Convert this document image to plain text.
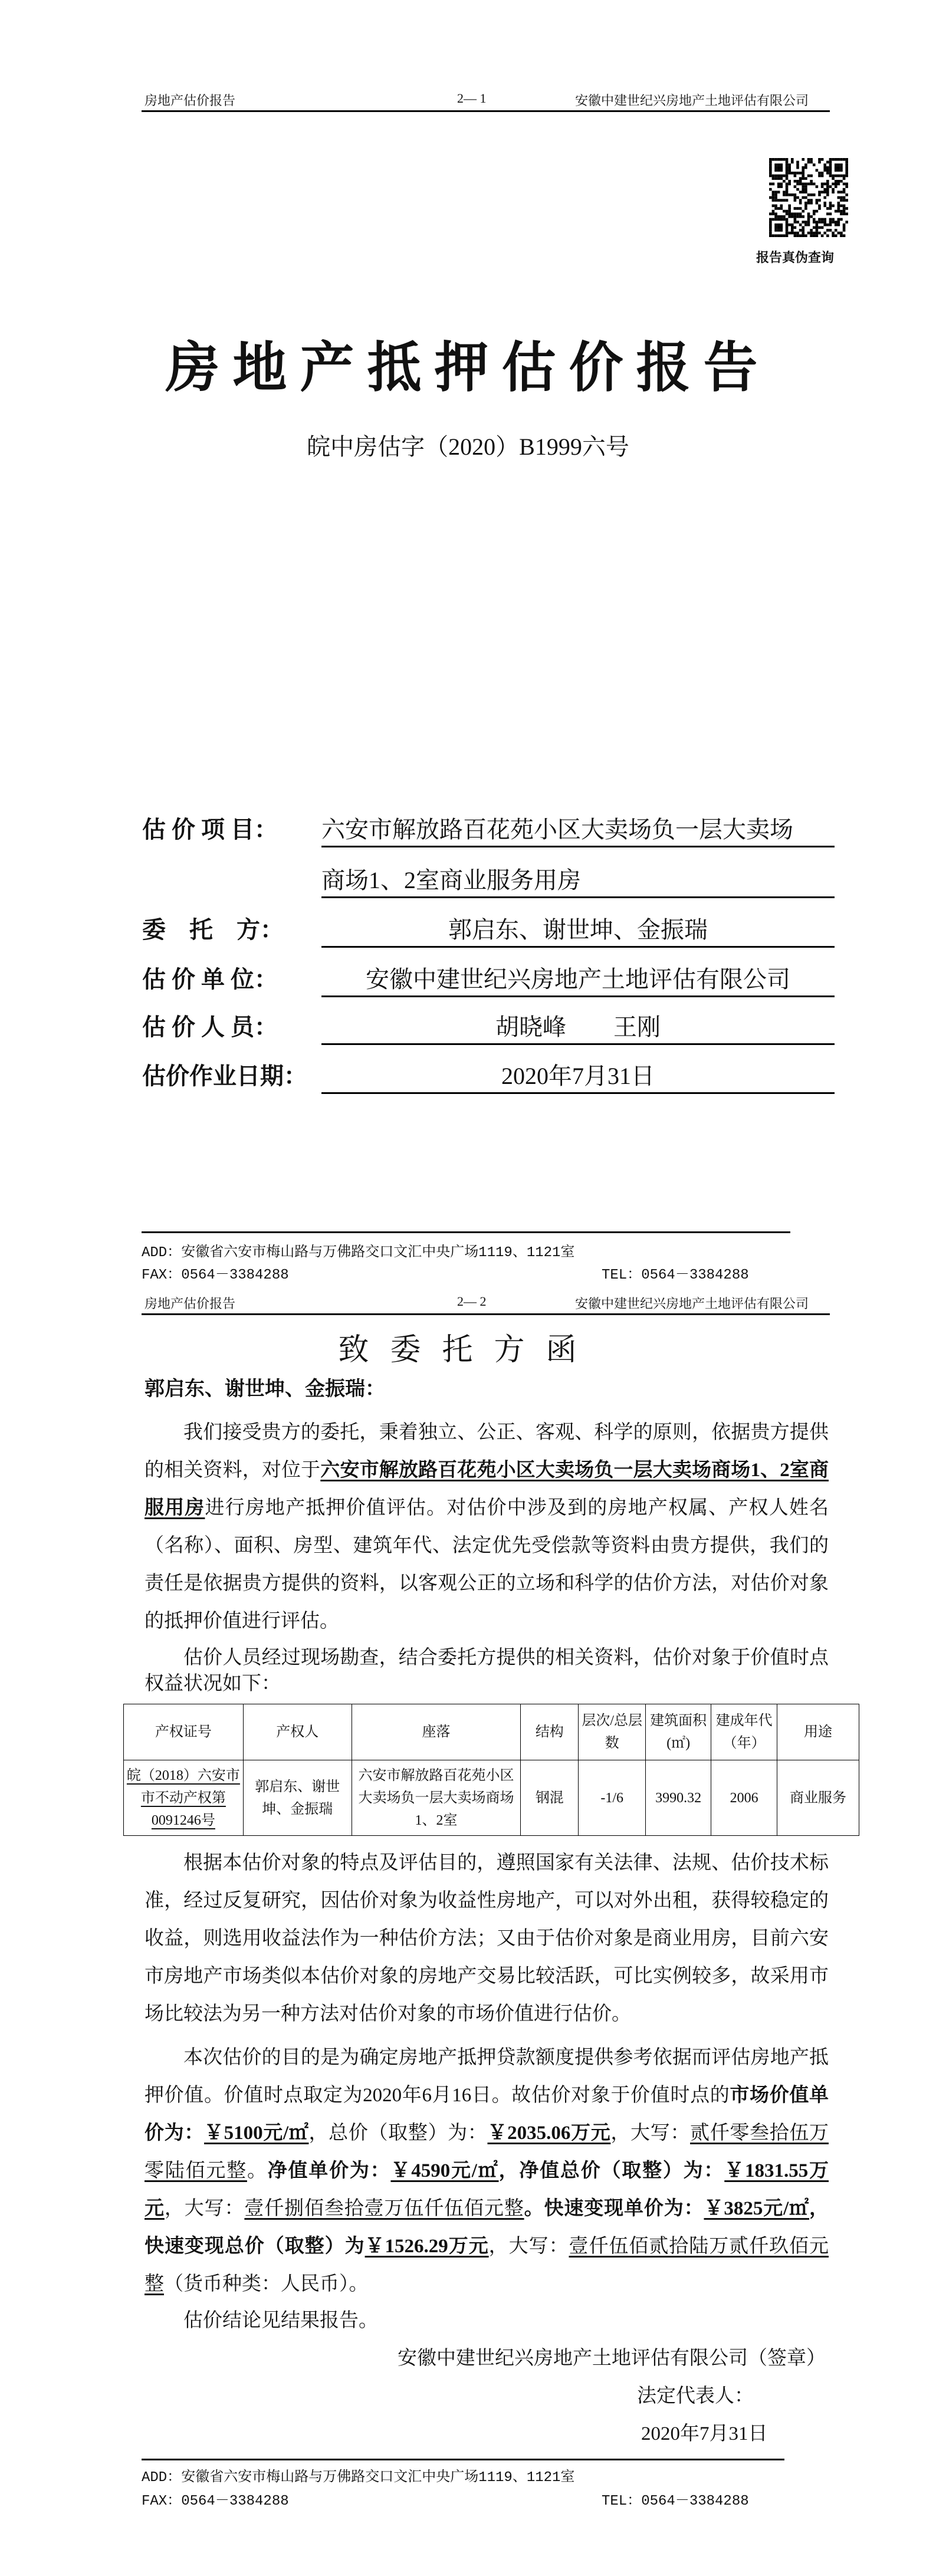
房地产估价报告	2— 1	安徽中建世纪兴房地产土地评估有限公司
报告真伪查询
房地产抵押估价报告
皖中房估字（2020）B1999六号
估 价 项 目： 六安市解放路百花苑小区大卖场负一层大卖场
商场1、2室商业服务用房
委    托    方：	郭启东、谢世坤、金振瑞
估 价 单 位：	安徽中建世纪兴房地产土地评估有限公司
估 价 人 员：	胡晓峰        王刚
估价作业日期：	2020年7月31日
ADD：安徽省六安市梅山路与万佛路交口文汇中央广场1119、1121室
FAX：0564－3384288	TEL：0564－3384288
房地产估价报告	2— 2	安徽中建世纪兴房地产土地评估有限公司
致委托方函
郭启东、谢世坤、金振瑞：
我们接受贵方的委托，秉着独立、公正、客观、科学的原则，依据贵方提供的相关资料，对位于六安市解放路百花苑小区大卖场负一层大卖场商场1、2室商服用房进行房地产抵押价值评估。对估价中涉及到的房地产权属、产权人姓名（名称）、面积、房型、建筑年代、法定优先受偿款等资料由贵方提供，我们的责任是依据贵方提供的资料，以客观公正的立场和科学的估价方法，对估价对象的抵押价值进行评估。
估价人员经过现场勘查，结合委托方提供的相关资料，估价对象于价值时点权益状况如下：
产权证号	产权人	座落	结构	层次/总层数	建筑面积(㎡)	建成年代（年）	用途
皖（2018）六安市市不动产权第0091246号	郭启东、谢世坤、金振瑞	六安市解放路百花苑小区大卖场负一层大卖场商场1、2室	钢混	-1/6	3990.32	2006	商业服务
根据本估价对象的特点及评估目的，遵照国家有关法律、法规、估价技术标准，经过反复研究，因估价对象为收益性房地产，可以对外出租，获得较稳定的收益，则选用收益法作为一种估价方法；又由于估价对象是商业用房，目前六安市房地产市场类似本估价对象的房地产交易比较活跃，可比实例较多，故采用市场比较法为另一种方法对估价对象的市场价值进行估价。
本次估价的目的是为确定房地产抵押贷款额度提供参考依据而评估房地产抵押价值。价值时点取定为2020年6月16日。故估价对象于价值时点的市场价值单价为：￥5100元/㎡，总价（取整）为：￥2035.06万元，大写：贰仟零叁拾伍万零陆佰元整。净值单价为：￥4590元/㎡，净值总价（取整）为：￥1831.55万元，大写：壹仟捌佰叁拾壹万伍仟伍佰元整。快速变现单价为：￥3825元/㎡，快速变现总价（取整）为￥1526.29万元，大写：壹仟伍佰贰拾陆万贰仟玖佰元整（货币种类：人民币）。
估价结论见结果报告。
安徽中建世纪兴房地产土地评估有限公司（签章）
法定代表人：
2020年7月31日
ADD：安徽省六安市梅山路与万佛路交口文汇中央广场1119、1121室
FAX：0564－3384288	TEL：0564－3384288
